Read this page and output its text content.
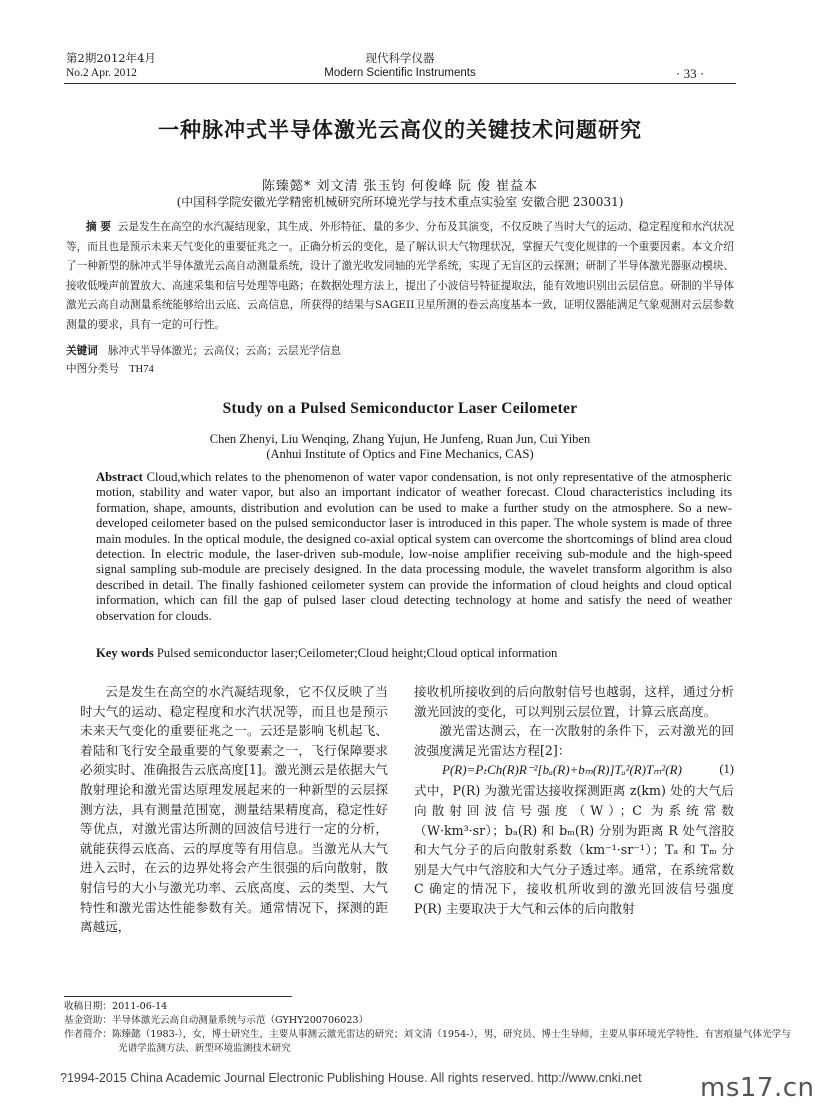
第2期2012年4月
No.2 Apr. 2012
现代科学仪器
Modern Scientific Instruments	· 33 ·
一种脉冲式半导体激光云高仪的关键技术问题研究
陈臻懿* 刘文清 张玉钧 何俊峰 阮 俊 崔益本
(中国科学院安徽光学精密机械研究所环境光学与技术重点实验室 安徽合肥 230031)
摘 要 云是发生在高空的水汽凝结现象，其生成、外形特征、量的多少、分布及其演变，不仅反映了当时大气的运动、稳定程度和水汽状况等，而且也是预示未来天气变化的重要征兆之一。正确分析云的变化，是了解认识大气物理状况，掌握天气变化规律的一个重要因素。本文介绍了一种新型的脉冲式半导体激光云高自动测量系统，设计了激光收发同轴的光学系统，实现了无盲区的云探测；研制了半导体激光器驱动模块、接收低噪声前置放大、高速采集和信号处理等电路；在数据处理方法上，提出了小波信号特征提取法，能有效地识别出云层信息。研制的半导体激光云高自动测量系统能够给出云底、云高信息，所获得的结果与SAGEII卫星所测的卷云高度基本一致，证明仪器能满足气象观测对云层参数测量的要求，具有一定的可行性。
关键词 脉冲式半导体激光；云高仪；云高；云层光学信息
中图分类号 TH74
Study on a Pulsed Semiconductor Laser Ceilometer
Chen Zhenyi, Liu Wenqing, Zhang Yujun, He Junfeng, Ruan Jun, Cui Yiben
(Anhui Institute of Optics and Fine Mechanics, CAS)
Abstract Cloud,which relates to the phenomenon of water vapor condensation, is not only representative of the atmospheric motion, stability and water vapor, but also an important indicator of weather forecast. Cloud characteristics including its formation, shape, amounts, distribution and evolution can be used to make a further study on the atmosphere. So a new-developed ceilometer based on the pulsed semiconductor laser is introduced in this paper. The whole system is made of three main modules. In the optical module, the designed co-axial optical system can overcome the shortcomings of blind area cloud detection. In electric module, the laser-driven sub-module, low-noise amplifier receiving sub-module and the high-speed signal sampling sub-module are precisely designed. In the data processing module, the wavelet transform algorithm is also described in detail. The finally fashioned ceilometer system can provide the information of cloud heights and cloud optical information, which can fill the gap of pulsed laser cloud detecting technology at home and satisfy the need of weather observation for clouds.
Key words Pulsed semiconductor laser;Ceilometer;Cloud height;Cloud optical information

云是发生在高空的水汽凝结现象，它不仅反映了当时大气的运动、稳定程度和水汽状况等，而且也是预示未来天气变化的重要征兆之一。云还是影响飞机起飞、着陆和飞行安全最重要的气象要素之一，飞行保障要求必须实时、准确报告云底高度[1]。激光测云是依据大气散射理论和激光雷达原理发展起来的一种新型的云层探测方法，具有测量范围宽，测量结果精度高，稳定性好等优点，对激光雷达所测的回波信号进行一定的分析，就能获得云底高、云的厚度等有用信息。当激光从大气进入云时，在云的边界处将会产生很强的后向散射，散射信号的大小与激光功率、云底高度、云的类型、大气特性和激光雷达性能参数有关。通常情况下，探测的距离越远，

接收机所接收到的后向散射信号也越弱，这样，通过分析激光回波的变化，可以判别云层位置，计算云底高度。

激光雷达测云，在一次散射的条件下，云对激光的回波强度满足光雷达方程[2]：

P(R)=PₜCh(R)R⁻²[bₐ(R)+bₘ(R)]Tₐ²(R)Tₘ²(R)	(1)

式中，P(R) 为激光雷达接收探测距离 z(km) 处的大气后向散射回波信号强度（W）；C 为系统常数（W·km³·sr）；bₐ(R) 和 bₘ(R) 分别为距离 R 处气溶胶和大气分子的后向散射系数（km⁻¹·sr⁻¹）；Tₐ 和 Tₘ 分别是大气中气溶胶和大气分子透过率。通常，在系统常数 C 确定的情况下，接收机所收到的激光回波信号强度 P(R) 主要取决于大气和云体的后向散射

收稿日期：2011-06-14
基金资助：半导体激光云高自动测量系统与示范（GYHY200706023）
作者简介：陈臻懿（1983-），女，博士研究生，主要从事测云激光雷达的研究；刘文清（1954-），男，研究员、博士生导师，主要从事环境光学特性、有害痕量气体光学与光谱学监测方法、新型环境监测技术研究
?1994-2015 China Academic Journal Electronic Publishing House. All rights reserved. http://www.cnki.net ms17.cn
